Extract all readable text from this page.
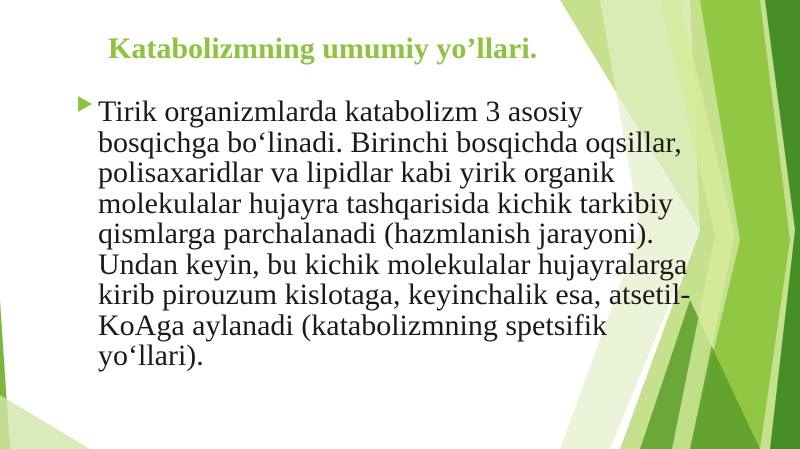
Katabolizmning umumiy yo’llari.

Tirik organizmlarda katabolizm 3 asosiy
bosqichga bo‘linadi. Birinchi bosqichda oqsillar,
polisaxaridlar va lipidlar kabi yirik organik
molekulalar hujayra tashqarisida kichik tarkibiy
qismlarga parchalanadi (hazmlanish jarayoni).
Undan keyin, bu kichik molekulalar hujayralarga
kirib pirouzum kislotaga, keyinchalik esa, atsetil-
KoAga aylanadi (katabolizmning spetsifik
yo‘llari).
